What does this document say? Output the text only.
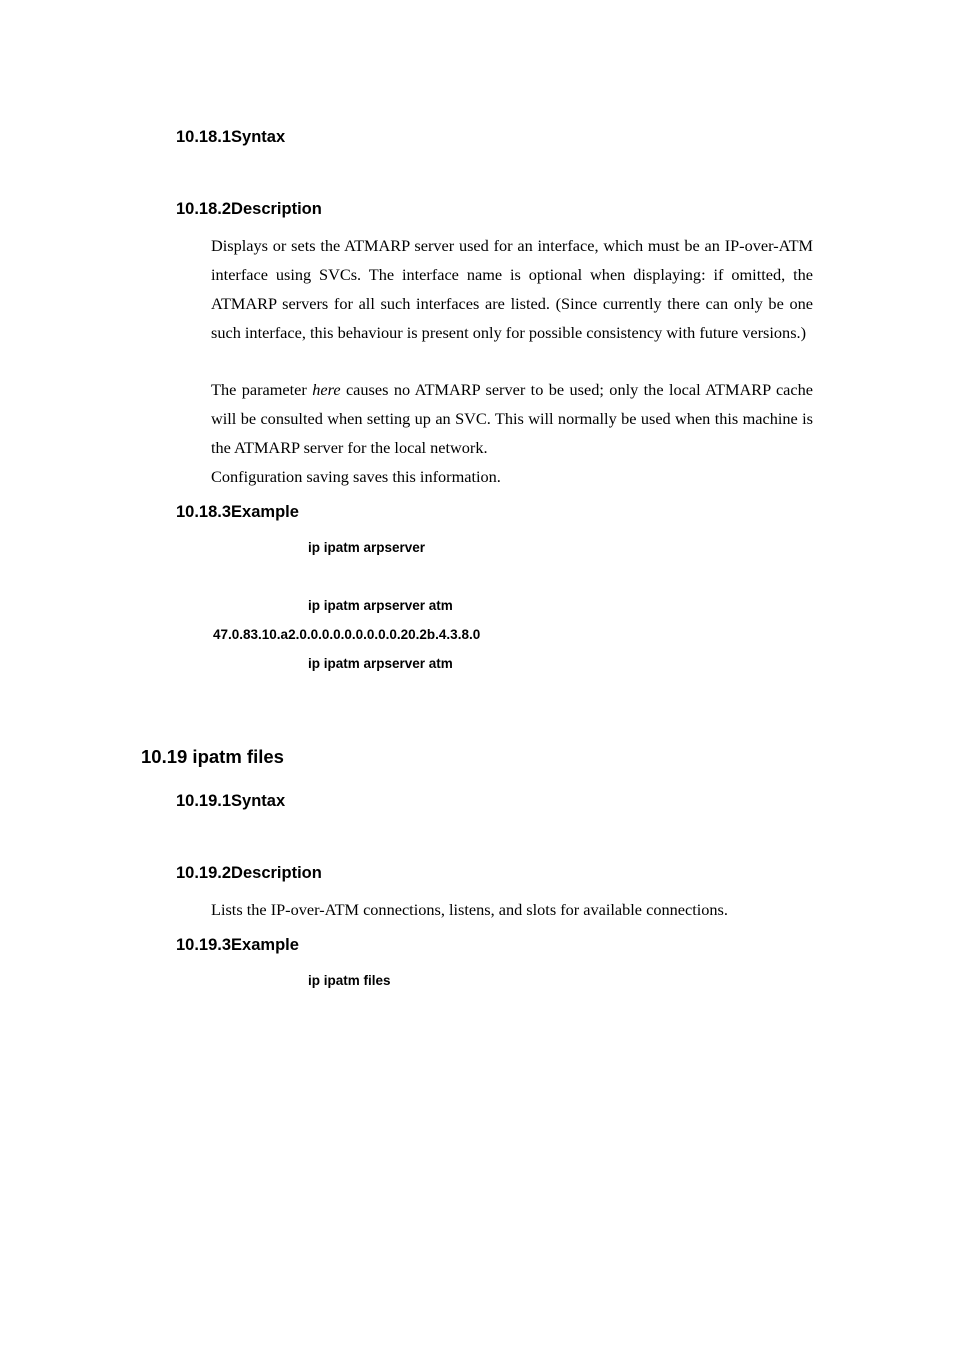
10.18.1Syntax
10.18.2Description

Displays or sets the ATMARP server used for an interface, which must be an IP-over-ATM interface using SVCs. The interface name is optional when displaying: if omitted, the ATMARP servers for all such interfaces are listed. (Since currently there can only be one such interface, this behaviour is present only for possible consistency with future versions.)

The parameter here causes no ATMARP server to be used; only the local ATMARP cache will be consulted when setting up an SVC. This will normally be used when this machine is the ATMARP server for the local network.

Configuration saving saves this information.

10.18.3Example
ip ipatm arpserver
ip ipatm arpserver atm
47.0.83.10.a2.0.0.0.0.0.0.0.0.0.20.2b.4.3.8.0
ip ipatm arpserver atm
10.19 ipatm files
10.19.1Syntax
10.19.2Description

Lists the IP-over-ATM connections, listens, and slots for available connections.

10.19.3Example
ip ipatm files
